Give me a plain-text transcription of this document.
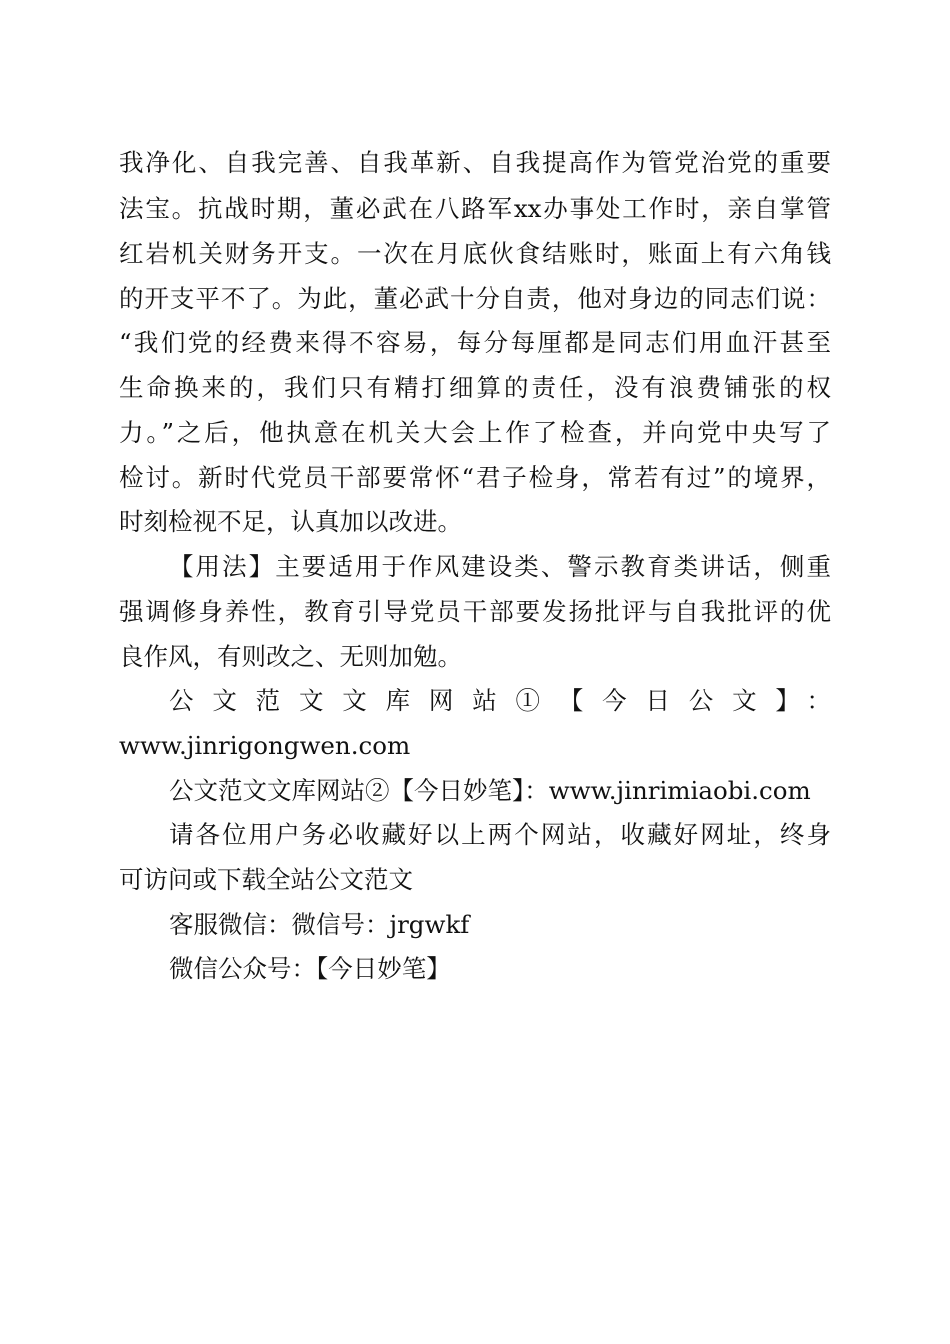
我净化、自我完善、自我革新、自我提高作为管党治党的重要
法宝。抗战时期，董必武在八路军xx办事处工作时，亲自掌管
红岩机关财务开支。一次在月底伙食结账时，账面上有六角钱
的开支平不了。为此，董必武十分自责，他对身边的同志们说：
“我们党的经费来得不容易，每分每厘都是同志们用血汗甚至
生命换来的，我们只有精打细算的责任，没有浪费铺张的权
力。”之后，他执意在机关大会上作了检查，并向党中央写了
检讨。新时代党员干部要常怀“君子检身，常若有过”的境界，
时刻检视不足，认真加以改进。
【用法】主要适用于作风建设类、警示教育类讲话，侧重
强调修身养性，教育引导党员干部要发扬批评与自我批评的优
良作风，有则改之、无则加勉。
公文范文文库网站①【今日公文】：
www.jinrigongwen.com
公文范文文库网站②【今日妙笔】：www.jinrimiaobi.com
请各位用户务必收藏好以上两个网站，收藏好网址，终身
可访问或下载全站公文范文
客服微信：微信号：jrgwkf
微信公众号：【今日妙笔】
